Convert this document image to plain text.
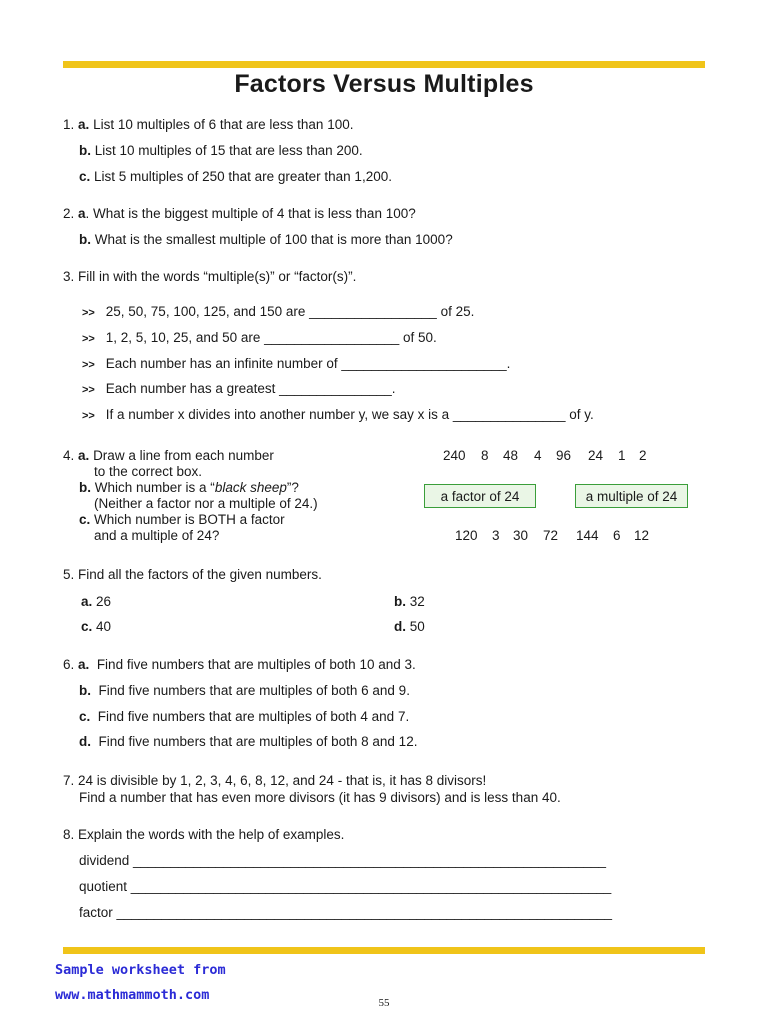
Factors Versus Multiples
1. a. List 10 multiples of 6 that are less than 100.
b. List 10 multiples of 15 that are less than 200.
c. List 5 multiples of 250 that are greater than 1,200.
2. a. What is the biggest multiple of 4 that is less than 100?
b. What is the smallest multiple of 100 that is more than 1000?
3. Fill in with the words “multiple(s)” or “factor(s)”.
>> 25, 50, 75, 100, 125, and 150 are _________________ of 25.
>> 1, 2, 5, 10, 25, and 50 are __________________ of 50.
>> Each number has an infinite number of ______________________.
>> Each number has a greatest _______________.
>> If a number x divides into another number y, we say x is a _______________ of y.
4. a. Draw a line from each number
to the correct box.
b. Which number is a “black sheep”?
(Neither a factor nor a multiple of 24.)
c. Which number is BOTH a factor
and a multiple of 24?
240 8 48 4 96 24 1 2
a factor of 24	a multiple of 24
120 3 30 72 144 6 12
5. Find all the factors of the given numbers.
a. 26	b. 32
c. 40	d. 50
6. a. Find five numbers that are multiples of both 10 and 3.
b. Find five numbers that are multiples of both 6 and 9.
c. Find five numbers that are multiples of both 4 and 7.
d. Find five numbers that are multiples of both 8 and 12.
7. 24 is divisible by 1, 2, 3, 4, 6, 8, 12, and 24 - that is, it has 8 divisors!
Find a number that has even more divisors (it has 9 divisors) and is less than 40.
8. Explain the words with the help of examples.
dividend _______________________________________________________________
quotient ________________________________________________________________
factor __________________________________________________________________
Sample worksheet from
www.mathmammoth.com	55
